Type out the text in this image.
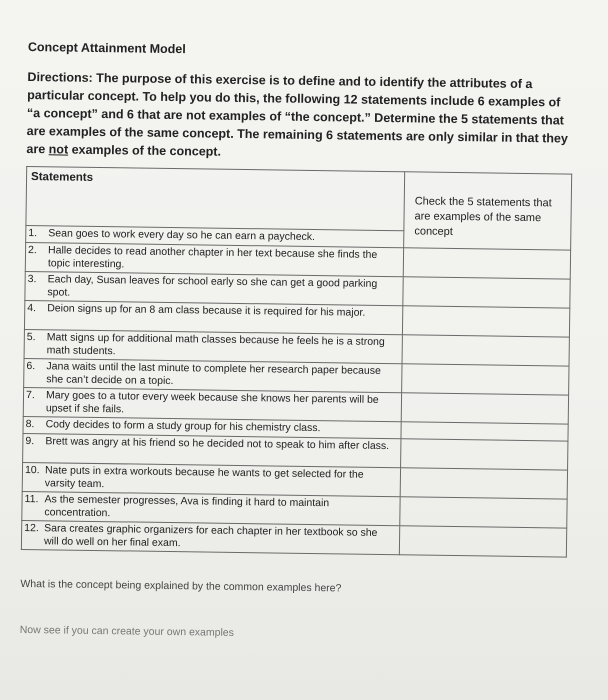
Concept Attainment Model

Directions: The purpose of this exercise is to define and to identify the attributes of a particular concept. To help you do this, the following 12 statements include 6 examples of “a concept” and 6 that are not examples of “the concept.” Determine the 5 statements that are examples of the same concept. The remaining 6 statements are only similar in that they are not examples of the concept.

Statements	Check the 5 statements that are examples of the same concept
1. Sean goes to work every day so he can earn a paycheck.	
2. Halle decides to read another chapter in her text because she finds the topic interesting.	
3. Each day, Susan leaves for school early so she can get a good parking spot.	
4. Deion signs up for an 8 am class because it is required for his major.	
5. Matt signs up for additional math classes because he feels he is a strong math students.	
6. Jana waits until the last minute to complete her research paper because she can’t decide on a topic.	
7. Mary goes to a tutor every week because she knows her parents will be upset if she fails.	
8. Cody decides to form a study group for his chemistry class.	
9. Brett was angry at his friend so he decided not to speak to him after class.	
10. Nate puts in extra workouts because he wants to get selected for the varsity team.	
11. As the semester progresses, Ava is finding it hard to maintain concentration.	
12. Sara creates graphic organizers for each chapter in her textbook so she will do well on her final exam.	
What is the concept being explained by the common examples here?
Now see if you can create your own examples
